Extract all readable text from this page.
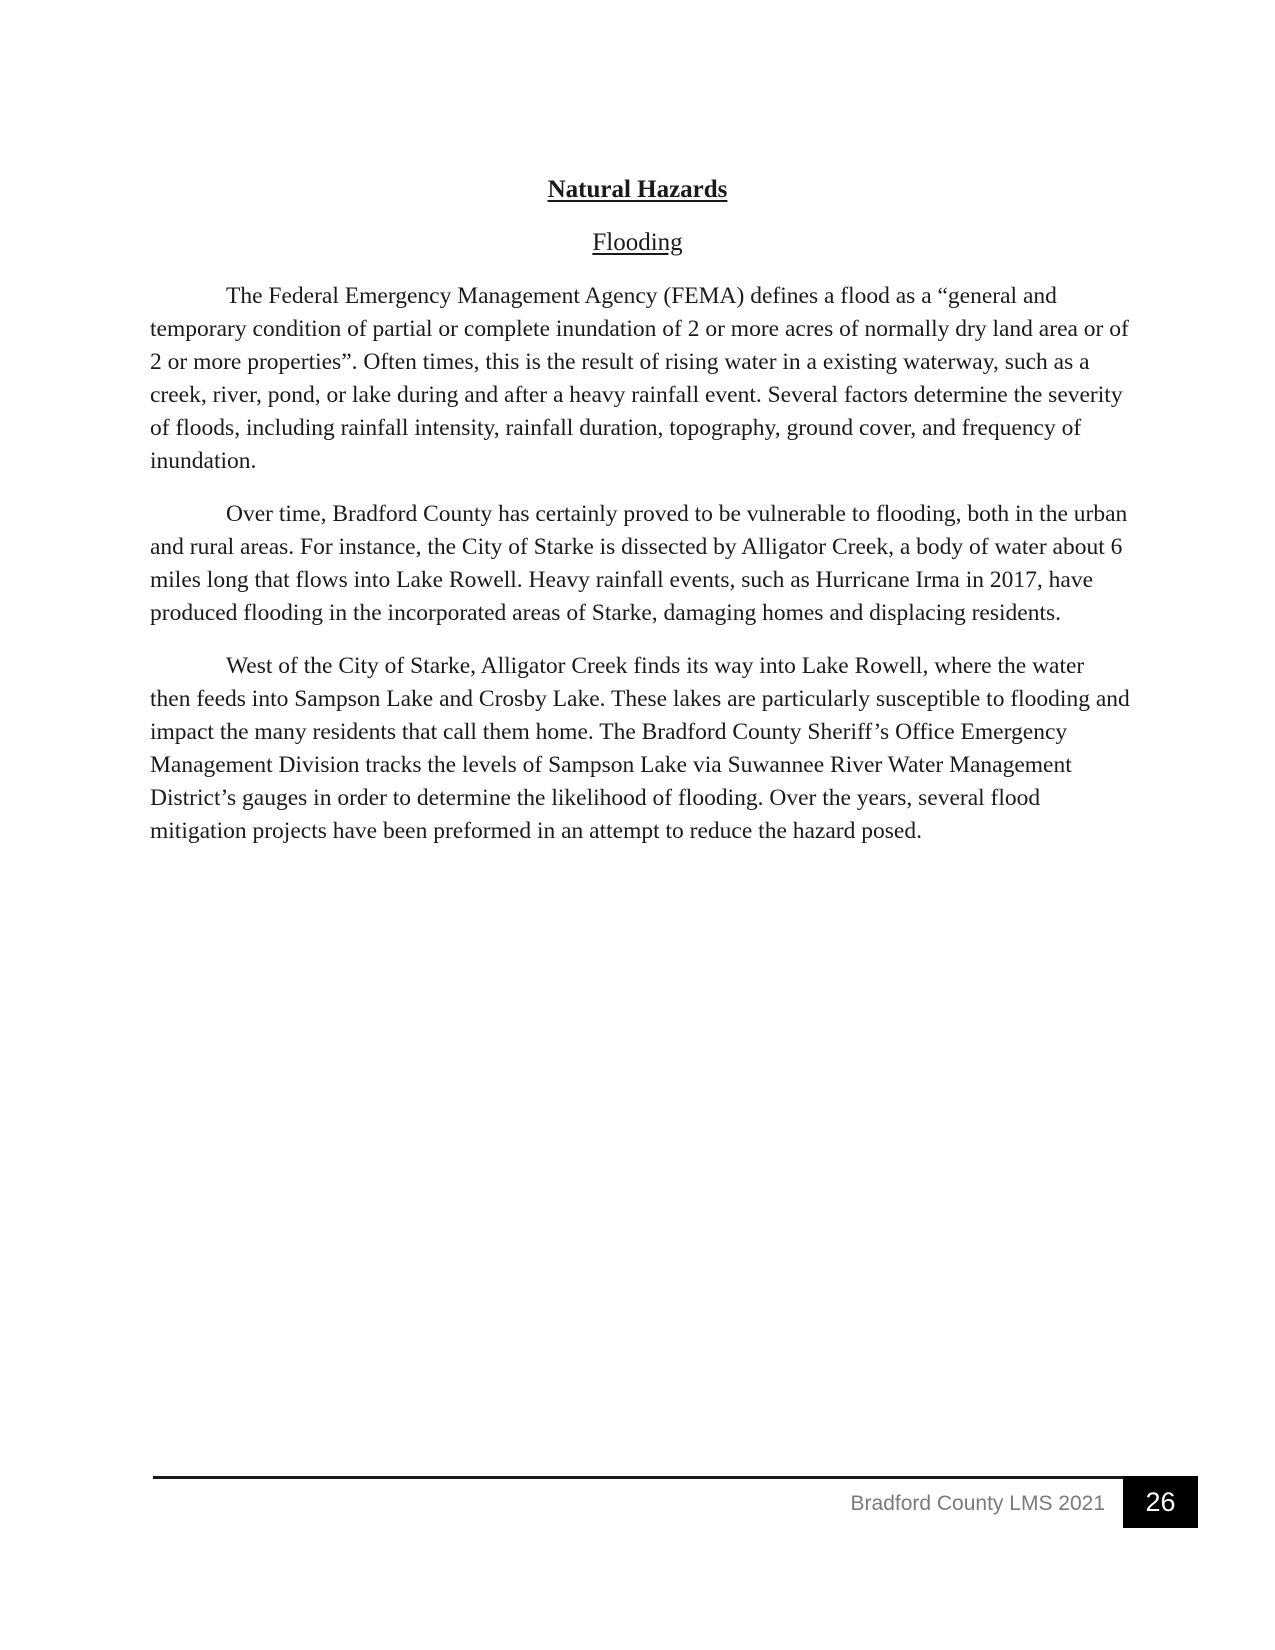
Natural Hazards
Flooding

The Federal Emergency Management Agency (FEMA) defines a flood as a “general and temporary condition of partial or complete inundation of 2 or more acres of normally dry land area or of 2 or more properties”. Often times, this is the result of rising water in a existing waterway, such as a creek, river, pond, or lake during and after a heavy rainfall event. Several factors determine the severity of floods, including rainfall intensity, rainfall duration, topography, ground cover, and frequency of inundation.

Over time, Bradford County has certainly proved to be vulnerable to flooding, both in the urban and rural areas. For instance, the City of Starke is dissected by Alligator Creek, a body of water about 6 miles long that flows into Lake Rowell. Heavy rainfall events, such as Hurricane Irma in 2017, have produced flooding in the incorporated areas of Starke, damaging homes and displacing residents.

West of the City of Starke, Alligator Creek finds its way into Lake Rowell, where the water then feeds into Sampson Lake and Crosby Lake. These lakes are particularly susceptible to flooding and impact the many residents that call them home. The Bradford County Sheriff’s Office Emergency Management Division tracks the levels of Sampson Lake via Suwannee River Water Management District’s gauges in order to determine the likelihood of flooding. Over the years, several flood mitigation projects have been preformed in an attempt to reduce the hazard posed.

Bradford County LMS 2021	26
